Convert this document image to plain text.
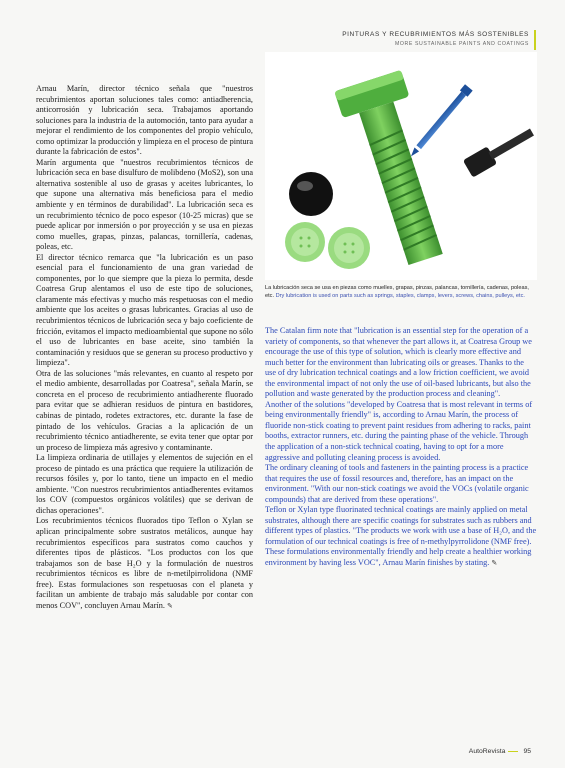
PINTURAS Y RECUBRIMIENTOS MÁS SOSTENIBLES
MORE SUSTAINABLE PAINTS AND COATINGS

Arnau Marín, director técnico señala que "nuestros recubrimientos aportan soluciones tales como: antiadherencia, anticorrosión y lubricación seca. Trabajamos aportando soluciones para la industria de la automoción, tanto para ayudar a mejorar el rendimiento de los componentes del propio vehículo, como optimizar la producción y limpieza en el proceso de pintura durante la fabricación de estos".

Marín argumenta que "nuestros recubrimientos técnicos de lubricación seca en base disulfuro de molibdeno (MoS2), son una alternativa sostenible al uso de grasas y aceites lubricantes, lo que supone una alternativa más beneficiosa para el medio ambiente y en términos de durabilidad". La lubricación seca es un recubrimiento técnico de poco espesor (10-25 micras) que se puede aplicar por inmersión o por proyección y se usa en piezas como muelles, grapas, pinzas, palancas, tornillería, cadenas, poleas, etc.

El director técnico remarca que "la lubricación es un paso esencial para el funcionamiento de una gran variedad de componentes, por lo que siempre que la pieza lo permita, desde Coatresa Grup alentamos el uso de este tipo de soluciones, claramente más efectivas y mucho más respetuosas con el medio ambiente que los aceites o grasas lubricantes. Gracias al uso de recubrimientos técnicos de lubricación seca y bajo coeficiente de fricción, evitamos el impacto medioambiental que supone no sólo el uso de lubricantes en base aceite, sino también la contaminación y residuos que se generan su proceso productivo y limpieza".

Otra de las soluciones "más relevantes, en cuanto al respeto por el medio ambiente, desarrolladas por Coatresa", señala Marín, se concreta en el proceso de recubrimiento antiadherente fluorado para evitar que se adhieran residuos de pintura en bastidores, cabinas de pintado, rodetes extractores, etc. durante la fase de pintado de los vehículos. Gracias a la aplicación de un recubrimiento técnico antiadherente, se evita tener que optar por un proceso de limpieza más agresivo y contaminante.

La limpieza ordinaria de utillajes y elementos de sujeción en el proceso de pintado es una práctica que requiere la utilización de recursos fósiles y, por lo tanto, tiene un impacto en el medio ambiente. "Con nuestros recubrimientos antiadherentes evitamos los COV (compuestos orgánicos volátiles) que se derivan de dichas operaciones".

Los recubrimientos técnicos fluorados tipo Teflon o Xylan se aplican principalmente sobre sustratos metálicos, aunque hay recubrimientos específicos para sustratos como cauchos y diferentes tipos de plásticos. "Los productos con los que trabajamos son de base H₂O y la formulación de nuestros recubrimientos técnicos es libre de n-metilpirrolidona (NMF free). Estas formulaciones son respetuosas con el planeta y facilitan un ambiente de trabajo más saludable por contar con menos COV", concluyen Arnau Marín. ✎

La lubricación seca se usa en piezas como muelles, grapas, pinzas, palancas, tornillería, cadenas, poleas, etc. Dry lubrication is used on parts such as springs, staples, clamps, levers, screws, chains, pulleys, etc.

The Catalan firm note that "lubrication is an essential step for the operation of a variety of components, so that whenever the part allows it, at Coatresa Group we encourage the use of this type of solution, which is clearly more effective and much better for the environment than lubricating oils or greases. Thanks to the use of dry lubrication technical coatings and a low friction coefficient, we avoid the environmental impact of not only the use of oil-based lubricants, but also the pollution and waste generated by the production process and cleaning".

Another of the solutions "developed by Coatresa that is most relevant in terms of being environmentally friendly" is, according to Arnau Marín, the process of fluoride non-stick coating to prevent paint residues from adhering to racks, paint booths, extractor runners, etc. during the painting phase of the vehicle. Through the application of a non-stick technical coating, having to opt for a more aggressive and polluting cleaning process is avoided.

The ordinary cleaning of tools and fasteners in the painting process is a practice that requires the use of fossil resources and, therefore, has an impact on the environment. "With our non-stick coatings we avoid the VOCs (volatile organic compounds) that are derived from these operations".

Teflon or Xylan type fluorinated technical coatings are mainly applied on metal substrates, although there are specific coatings for substrates such as rubbers and different types of plastics. "The products we work with use a base of H₂O, and the formulation of our technical coatings is free of n-methylpyrrolidone (NMF free). These formulations environmentally friendly and help create a healthier working environment by having less VOC", Arnau Marín finishes by stating. ✎

AutoRevista	95
